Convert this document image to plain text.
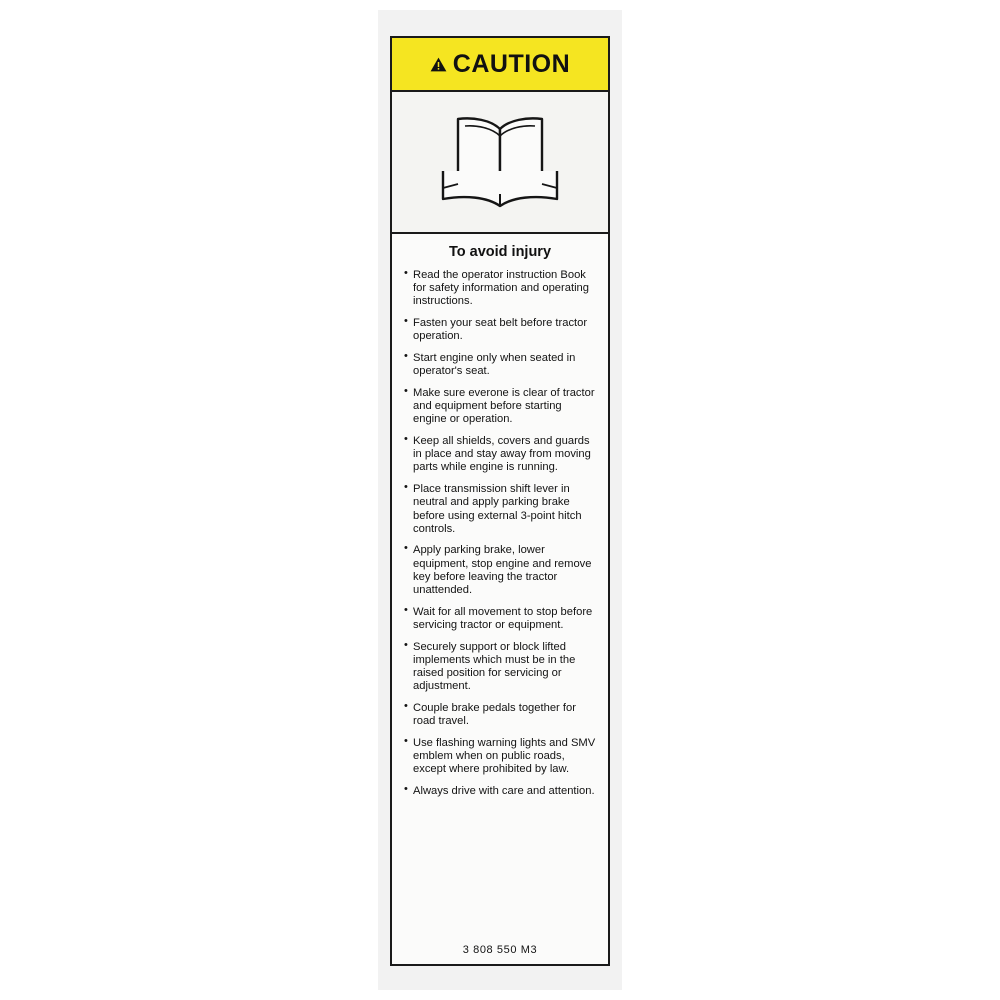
CAUTION
To avoid injury
• Read the operator instruction Book for safety information and operating instructions.
• Fasten your seat belt before tractor operation.
• Start engine only when seated in operator's seat.
• Make sure everone is clear of tractor and equipment before starting engine or operation.
• Keep all shields, covers and guards in place and stay away from moving parts while engine is running.
• Place transmission shift lever in neutral and apply parking brake before using external 3-point hitch controls.
• Apply parking brake, lower equipment, stop engine and remove key before leaving the tractor unattended.
• Wait for all movement to stop before servicing tractor or equipment.
• Securely support or block lifted implements which must be in the raised position for servicing or adjustment.
• Couple brake pedals together for road travel.
• Use flashing warning lights and SMV emblem when on public roads, except where prohibited by law.
• Always drive with care and attention.
3 808 550 M3
